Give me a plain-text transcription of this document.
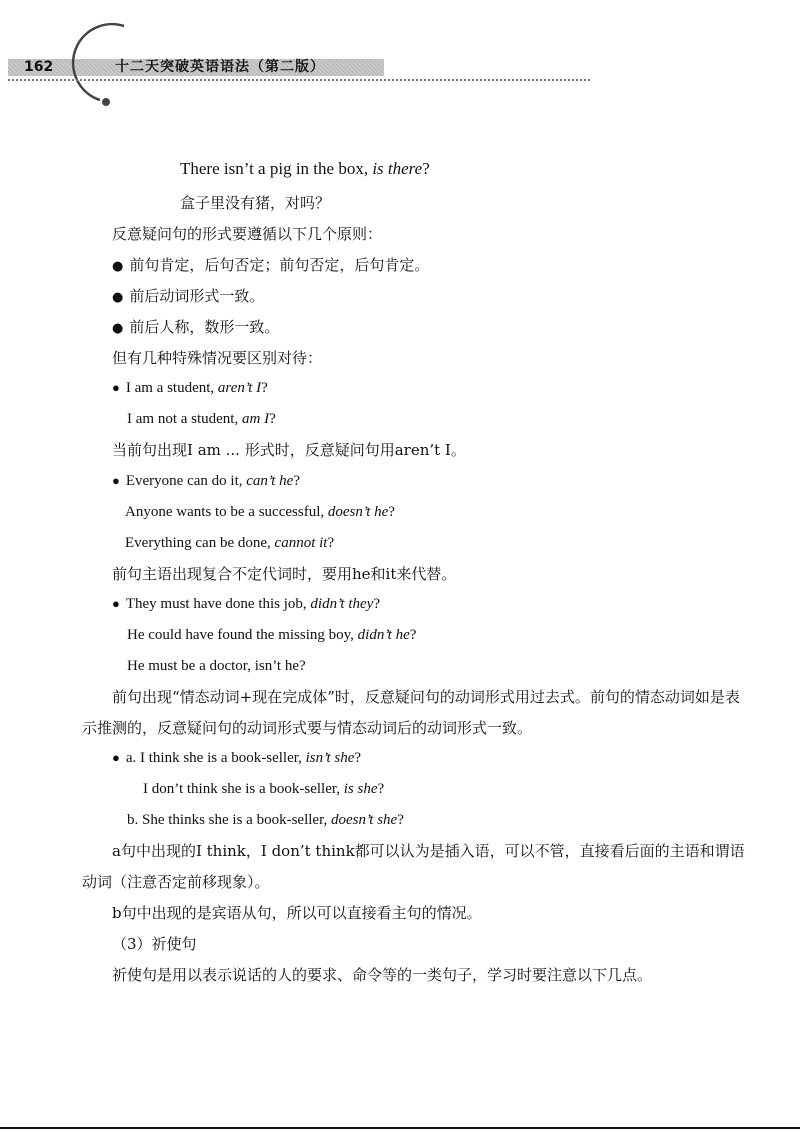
162	十二天突破英语语法（第二版）
There isn’t a pig in the box, is there?
盒子里没有猪，对吗？
反意疑问句的形式要遵循以下几个原则：
● 前句肯定，后句否定；前句否定，后句肯定。
● 前后动词形式一致。
● 前后人称，数形一致。
但有几种特殊情况要区别对待：
● I am a student, aren’t I?
I am not a student, am I?
当前句出现I am ... 形式时，反意疑问句用aren’t I。
● Everyone can do it, can’t he?
Anyone wants to be a successful, doesn’t he?
Everything can be done, cannot it?
前句主语出现复合不定代词时，要用he和it来代替。
● They must have done this job, didn’t they?
He could have found the missing boy, didn’t he?
He must be a doctor, isn’t he?
前句出现“情态动词+现在完成体”时，反意疑问句的动词形式用过去式。前句的情态动词如是表示推测的，反意疑问句的动词形式要与情态动词后的动词形式一致。
● a. I think she is a book-seller, isn’t she?
I don’t think she is a book-seller, is she?
b. She thinks she is a book-seller, doesn’t she?
a句中出现的I think，I don’t think都可以认为是插入语，可以不管，直接看后面的主语和谓语动词（注意否定前移现象）。
b句中出现的是宾语从句，所以可以直接看主句的情况。
（3）祈使句
祈使句是用以表示说话的人的要求、命令等的一类句子，学习时要注意以下几点。
